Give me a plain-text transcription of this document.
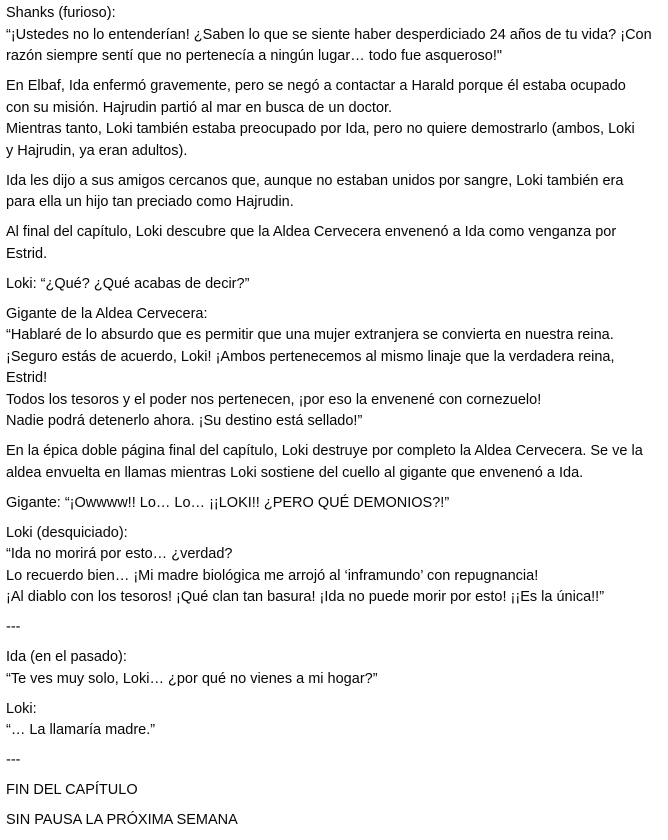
Shanks (furioso):
“¡Ustedes no lo entenderían! ¿Saben lo que se siente haber desperdiciado 24 años de tu vida? ¡Con
razón siempre sentí que no pertenecía a ningún lugar… todo fue asqueroso!"
En Elbaf, Ida enfermó gravemente, pero se negó a contactar a Harald porque él estaba ocupado
con su misión. Hajrudin partió al mar en busca de un doctor.
Mientras tanto, Loki también estaba preocupado por Ida, pero no quiere demostrarlo (ambos, Loki
y Hajrudin, ya eran adultos).
Ida les dijo a sus amigos cercanos que, aunque no estaban unidos por sangre, Loki también era
para ella un hijo tan preciado como Hajrudin.
Al final del capítulo, Loki descubre que la Aldea Cervecera envenenó a Ida como venganza por
Estrid.
Loki: “¿Qué? ¿Qué acabas de decir?”
Gigante de la Aldea Cervecera:
“Hablaré de lo absurdo que es permitir que una mujer extranjera se convierta en nuestra reina.
¡Seguro estás de acuerdo, Loki! ¡Ambos pertenecemos al mismo linaje que la verdadera reina,
Estrid!
Todos los tesoros y el poder nos pertenecen, ¡por eso la envenené con cornezuelo!
Nadie podrá detenerlo ahora. ¡Su destino está sellado!”
En la épica doble página final del capítulo, Loki destruye por completo la Aldea Cervecera. Se ve la
aldea envuelta en llamas mientras Loki sostiene del cuello al gigante que envenenó a Ida.
Gigante: “¡Owwww!! Lo… Lo… ¡¡LOKI!! ¿PERO QUÉ DEMONIOS?!”
Loki (desquiciado):
“Ida no morirá por esto… ¿verdad?
Lo recuerdo bien… ¡Mi madre biológica me arrojó al ‘inframundo’ con repugnancia!
¡Al diablo con los tesoros! ¡Qué clan tan basura! ¡Ida no puede morir por esto! ¡¡Es la única!!”
---
Ida (en el pasado):
“Te ves muy solo, Loki… ¿por qué no vienes a mi hogar?”
Loki:
“… La llamaría madre.”
---
FIN DEL CAPÍTULO
SIN PAUSA LA PRÓXIMA SEMANA
